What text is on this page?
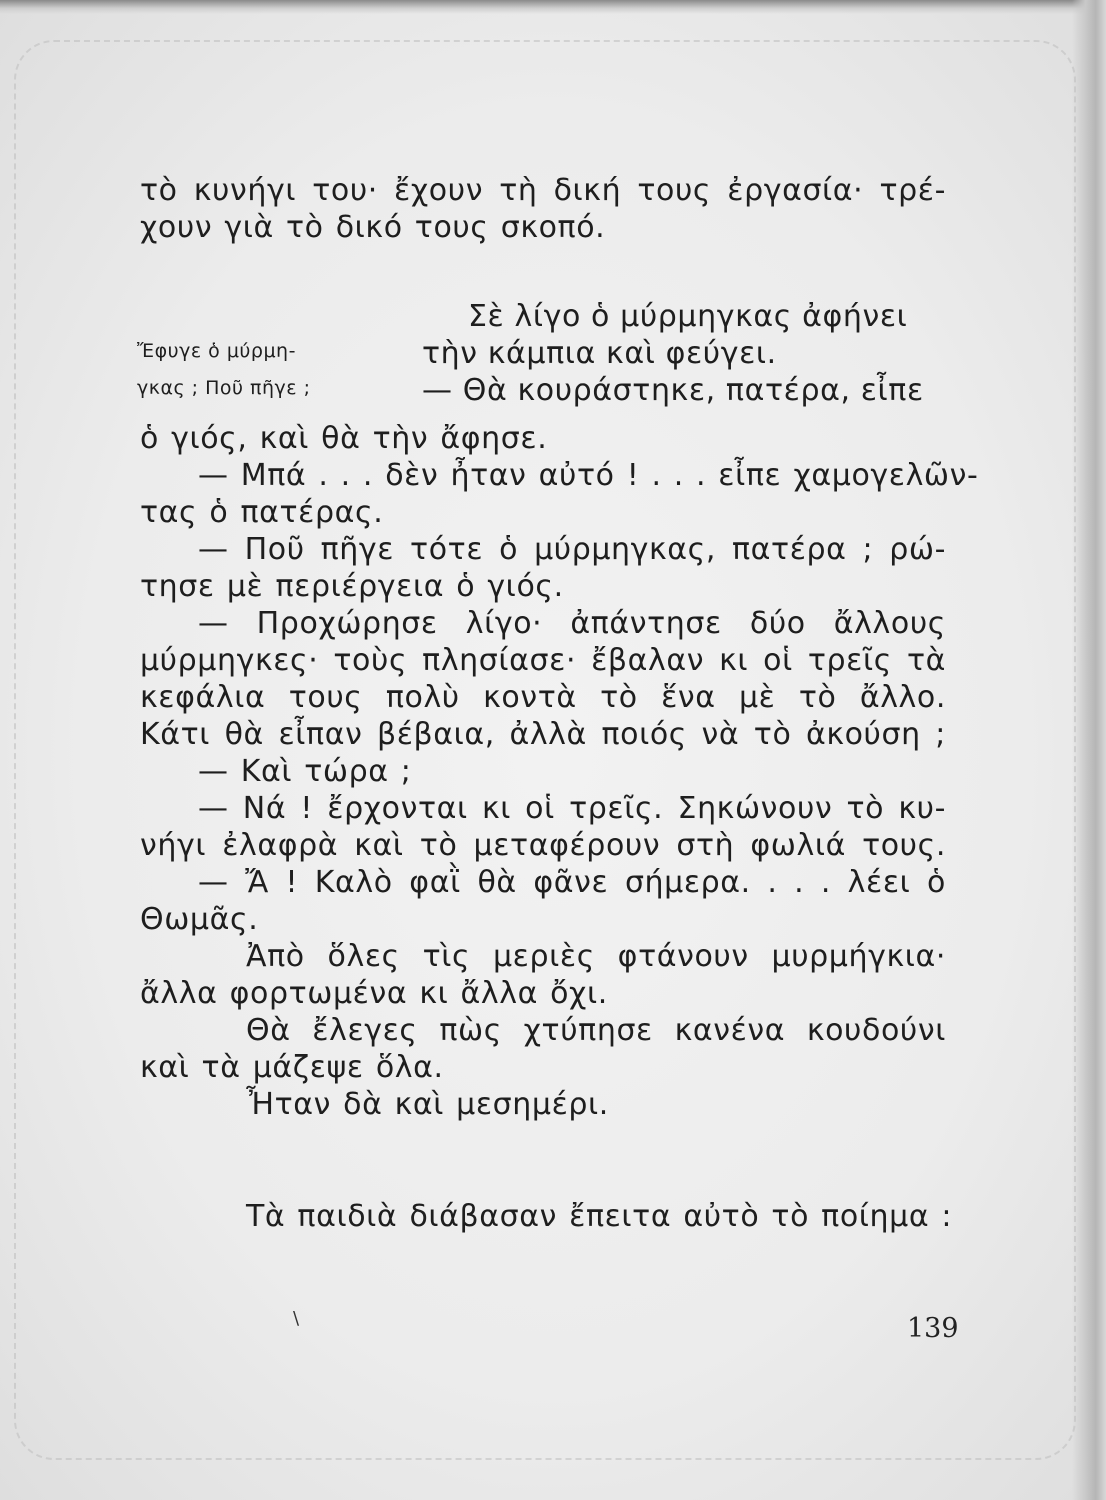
τὸ κυνήγι του· ἔχουν τὴ δική τους ἐργασία· τρέ-
χουν γιὰ τὸ δικό τους σκοπό.
Ἔφυγε ὁ μύρμη-
γκας ; Ποῦ πῆγε ;
Σὲ λίγο ὁ μύρμηγκας ἀφήνει
τὴν κάμπια καὶ φεύγει.
— Θὰ κουράστηκε, πατέρα, εἶπε
ὁ γιός, καὶ θὰ τὴν ἄφησε.
— Μπά . . . δὲν ἦταν αὐτό ! . . . εἶπε χαμογελῶν-
τας ὁ πατέρας.
— Ποῦ πῆγε τότε ὁ μύρμηγκας, πατέρα ; ρώ-
τησε μὲ περιέργεια ὁ γιός.
— Προχώρησε λίγο· ἀπάντησε δύο ἄλλους
μύρμηγκες· τοὺς πλησίασε· ἔβαλαν κι οἱ τρεῖς τὰ
κεφάλια τους πολὺ κοντὰ τὸ ἕνα μὲ τὸ ἄλλο.
Κάτι θὰ εἶπαν βέβαια, ἀλλὰ ποιός νὰ τὸ ἀκούση ;
— Καὶ τώρα ;
— Νά ! ἔρχονται κι οἱ τρεῖς. Σηκώνουν τὸ κυ-
νήγι ἐλαφρὰ καὶ τὸ μεταφέρουν στὴ φωλιά τους.
— Ἄ ! Καλὸ φαῒ θὰ φᾶνε σήμερα. . . . λέει ὁ
Θωμᾶς.
Ἀπὸ ὅλες τὶς μεριὲς φτάνουν μυρμήγκια·
ἄλλα φορτωμένα κι ἄλλα ὄχι.
Θὰ ἔλεγες πὼς χτύπησε κανένα κουδούνι
καὶ τὰ μάζεψε ὅλα.
Ἦταν δὰ καὶ μεσημέρι.
Τὰ παιδιὰ διάβασαν ἔπειτα αὐτὸ τὸ ποίημα :
\	139
